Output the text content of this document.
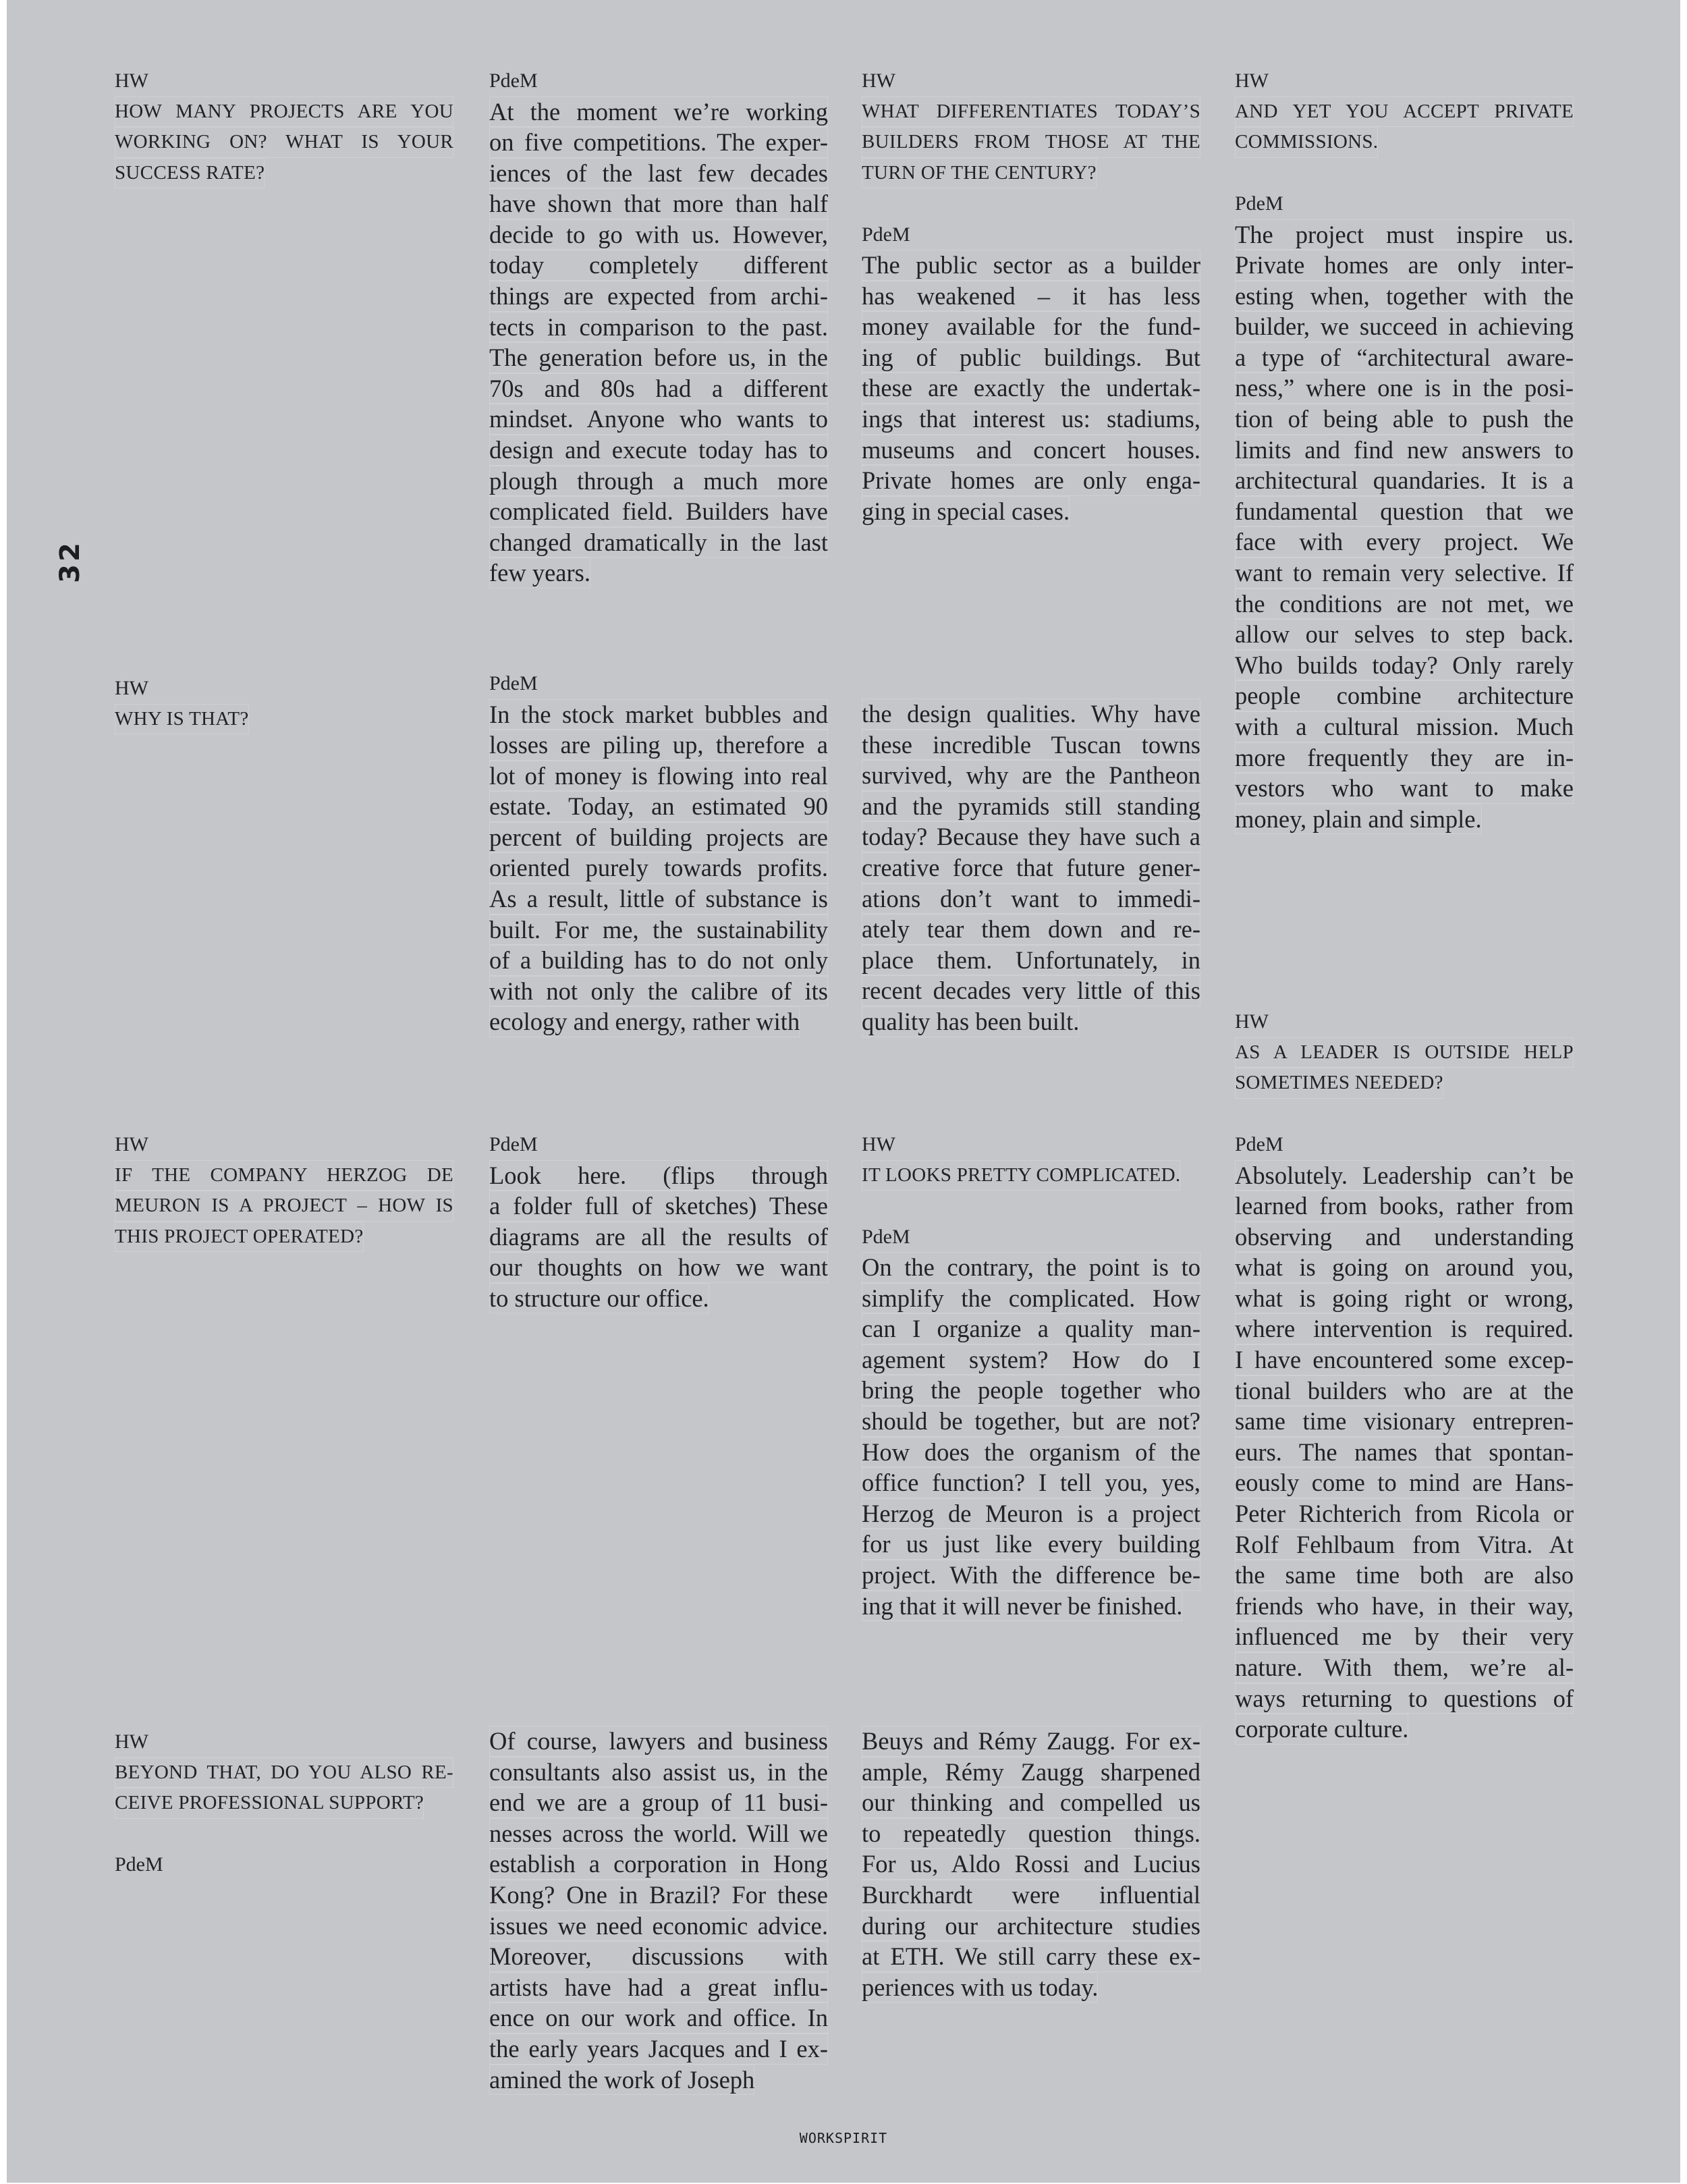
32
HW
HOW MANY PROJECTS ARE YOU
WORKING ON? WHAT IS YOUR
SUCCESS RATE?

PdeM
At the moment we’re working
on five competitions. The exper-
iences of the last few decades
have shown that more than half
decide to go with us. However,
today completely different
things are expected from archi-
tects in comparison to the past.
The generation before us, in the
70s and 80s had a different
mindset. Anyone who wants to
design and execute today has to
plough through a much more
complicated field. Builders have
changed dramatically in the last
few years.

HW
WHAT DIFFERENTIATES TODAY’S
BUILDERS FROM THOSE AT THE
TURN OF THE CENTURY?

PdeM
The public sector as a builder
has weakened – it has less
money available for the fund-
ing of public buildings. But
these are exactly the undertak-
ings that interest us: stadiums,
museums and concert houses.
Private homes are only enga-
ging in special cases.

HW
AND YET YOU ACCEPT PRIVATE
COMMISSIONS.

PdeM
The project must inspire us.
Private homes are only inter-
esting when, together with the
builder, we succeed in achieving
a type of “architectural aware-
ness,” where one is in the posi-
tion of being able to push the
limits and find new answers to
architectural quandaries. It is a
fundamental question that we
face with every project. We
want to remain very selective. If
the conditions are not met, we
allow our selves to step back.
Who builds today? Only rarely
people combine architecture
with a cultural mission. Much
more frequently they are in-
vestors who want to make
money, plain and simple.

HW
WHY IS THAT?

PdeM
In the stock market bubbles and
losses are piling up, therefore a
lot of money is flowing into real
estate. Today, an estimated 90
percent of building projects are
oriented purely towards profits.
As a result, little of substance is
built. For me, the sustainability
of a building has to do not only
with not only the calibre of its
ecology and energy, rather with

the design qualities. Why have
these incredible Tuscan towns
survived, why are the Pantheon
and the pyramids still standing
today? Because they have such a
creative force that future gener-
ations don’t want to immedi-
ately tear them down and re-
place them. Unfortunately, in
recent decades very little of this
quality has been built.	HW
AS A LEADER IS OUTSIDE HELP
SOMETIMES NEEDED?

HW
IF THE COMPANY HERZOG DE
MEURON IS A PROJECT – HOW IS
THIS PROJECT OPERATED?

PdeM
Look here. (flips through
a folder full of sketches) These
diagrams are all the results of
our thoughts on how we want
to structure our office.

HW
IT LOOKS PRETTY COMPLICATED.

PdeM
On the contrary, the point is to
simplify the complicated. How
can I organize a quality man-
agement system? How do I
bring the people together who
should be together, but are not?
How does the organism of the
office function? I tell you, yes,
Herzog de Meuron is a project
for us just like every building
project. With the difference be-
ing that it will never be finished.

PdeM
Absolutely. Leadership can’t be
learned from books, rather from
observing and understanding
what is going on around you,
what is going right or wrong,
where intervention is required.
I have encountered some excep-
tional builders who are at the
same time visionary entrepren-
eurs. The names that spontan-
eously come to mind are Hans-
Peter Richterich from Ricola or
Rolf Fehlbaum from Vitra. At
the same time both are also
friends who have, in their way,
influenced me by their very
nature. With them, we’re al-
ways returning to questions of
corporate culture.

HW
BEYOND THAT, DO YOU ALSO RE-
CEIVE PROFESSIONAL SUPPORT?

PdeM
Of course, lawyers and business
consultants also assist us, in the
end we are a group of 11 busi-
nesses across the world. Will we
establish a corporation in Hong
Kong? One in Brazil? For these
issues we need economic advice.
Moreover, discussions with
artists have had a great influ-
ence on our work and office. In
the early years Jacques and I ex-
amined the work of Joseph

Beuys and Rémy Zaugg. For ex-
ample, Rémy Zaugg sharpened
our thinking and compelled us
to repeatedly question things.
For us, Aldo Rossi and Lucius
Burckhardt were influential
during our architecture studies
at ETH. We still carry these ex-
periences with us today.

WORKSPIRIT
